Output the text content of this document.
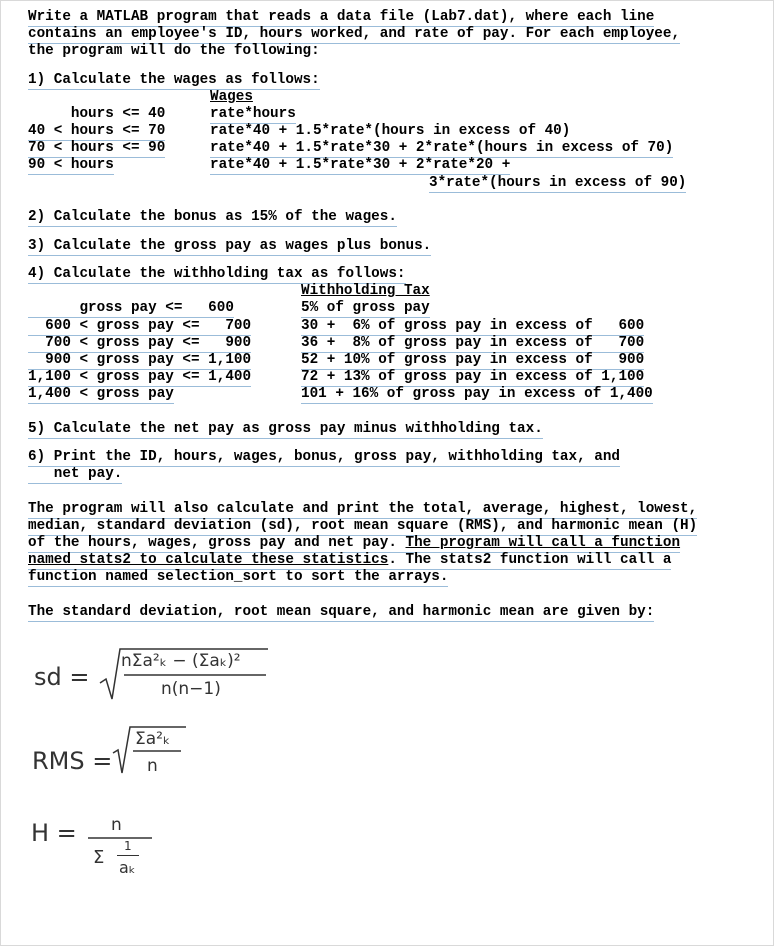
Write a MATLAB program that reads a data file (Lab7.dat), where each line
contains an employee's ID, hours worked, and rate of pay. For each employee,
the program will do the following:
1) Calculate the wages as follows:
Wages
hours <= 40	rate*hours
40 < hours <= 70	rate*40 + 1.5*rate*(hours in excess of 40)
70 < hours <= 90	rate*40 + 1.5*rate*30 + 2*rate*(hours in excess of 70)
90 < hours	rate*40 + 1.5*rate*30 + 2*rate*20 +
3*rate*(hours in excess of 90)
2) Calculate the bonus as 15% of the wages.
3) Calculate the gross pay as wages plus bonus.
4) Calculate the withholding tax as follows:
Withholding Tax
gross pay <=   600	5% of gross pay
600 < gross pay <=   700	30 +  6% of gross pay in excess of   600
700 < gross pay <=   900	36 +  8% of gross pay in excess of   700
900 < gross pay <= 1,100	52 + 10% of gross pay in excess of   900
1,100 < gross pay <= 1,400	72 + 13% of gross pay in excess of 1,100
1,400 < gross pay	101 + 16% of gross pay in excess of 1,400
5) Calculate the net pay as gross pay minus withholding tax.
6) Print the ID, hours, wages, bonus, gross pay, withholding tax, and
net pay.
The program will also calculate and print the total, average, highest, lowest,
median, standard deviation (sd), root mean square (RMS), and harmonic mean (H)
of the hours, wages, gross pay and net pay. The program will call a function
named stats2 to calculate these statistics. The stats2 function will call a
function named selection_sort to sort the arrays.
The standard deviation, root mean square, and harmonic mean are given by:
sd =
nΣa²ₖ − (Σaₖ)²
n(n−1)
RMS =
Σa²ₖ
n
H = n
Σ
1
aₖ
